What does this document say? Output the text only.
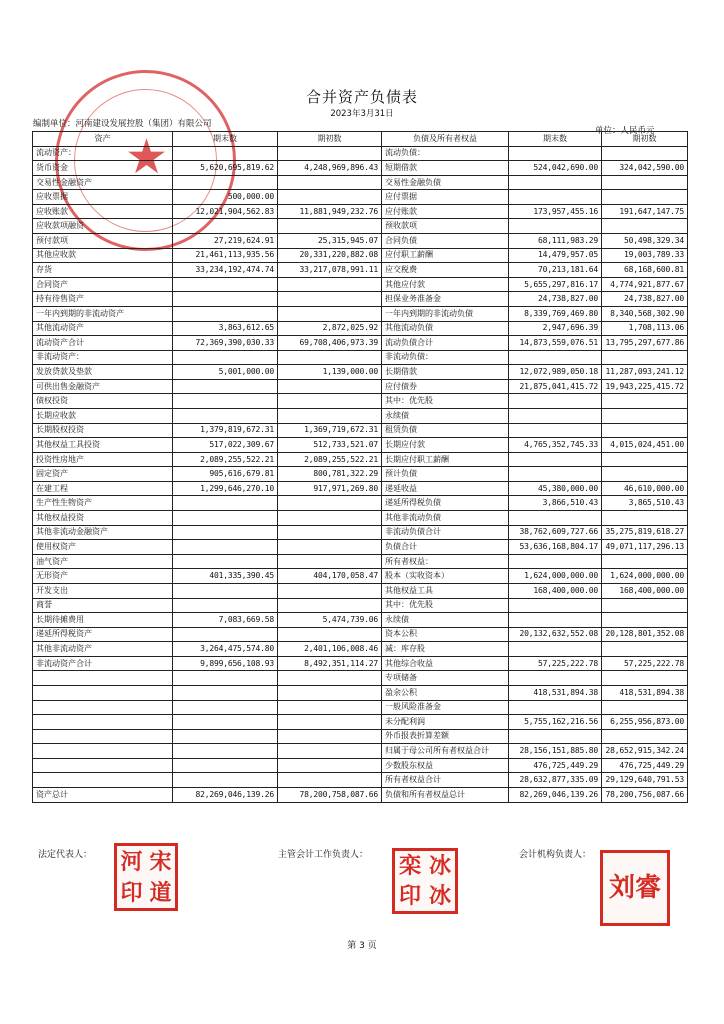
★
合并资产负债表
2023年3月31日
编制单位：河南建设发展控股（集团）有限公司
单位：人民币元
资产	期末数	期初数	负债及所有者权益	期末数	期初数
流动资产：			流动负债：		
货币资金	5,620,695,819.62	4,248,969,896.43	短期借款	524,042,690.00	324,042,590.00
交易性金融资产			交易性金融负债		
应收票据	500,000.00		应付票据		
应收账款	12,021,904,562.83	11,881,949,232.76	应付账款	173,957,455.16	191,647,147.75
应收款项融资			预收款项		
预付款项	27,219,624.91	25,315,945.07	合同负债	68,111,983.29	50,498,329.34
其他应收款	21,461,113,935.56	20,331,220,882.08	应付职工薪酬	14,479,957.05	19,003,789.33
存货	33,234,192,474.74	33,217,078,991.11	应交税费	70,213,181.64	68,168,600.81
合同资产			其他应付款	5,655,297,816.17	4,774,921,877.67
持有待售资产			担保业务准备金	24,738,827.00	24,738,827.00
一年内到期的非流动资产			一年内到期的非流动负债	8,339,769,469.80	8,340,568,302.90
其他流动资产	3,863,612.65	2,872,025.92	其他流动负债	2,947,696.39	1,708,113.06
流动资产合计	72,369,390,030.33	69,708,406,973.39	流动负债合计	14,873,559,076.51	13,795,297,677.86
非流动资产：			非流动负债：		
发放贷款及垫款	5,001,000.00	1,139,000.00	长期借款	12,072,989,050.18	11,287,093,241.12
可供出售金融资产			应付债券	21,875,041,415.72	19,943,225,415.72
债权投资			其中：优先股		
长期应收款			永续债		
长期股权投资	1,379,819,672.31	1,369,719,672.31	租赁负债		
其他权益工具投资	517,022,309.67	512,733,521.07	长期应付款	4,765,352,745.33	4,015,024,451.00
投资性房地产	2,089,255,522.21	2,089,255,522.21	长期应付职工薪酬		
固定资产	905,616,679.81	800,781,322.29	预计负债		
在建工程	1,299,646,270.10	917,971,269.80	递延收益	45,380,000.00	46,610,000.00
生产性生物资产			递延所得税负债	3,866,510.43	3,865,510.43
其他权益投资			其他非流动负债		
其他非流动金融资产			非流动负债合计	38,762,609,727.66	35,275,819,618.27
使用权资产			负债合计	53,636,168,804.17	49,071,117,296.13
油气资产			所有者权益：		
无形资产	401,335,390.45	404,170,058.47	股本（实收资本）	1,624,000,000.00	1,624,000,000.00
开发支出			其他权益工具	168,400,000.00	168,400,000.00
商誉			其中：优先股		
长期待摊费用	7,083,669.58	5,474,739.06	永续债		
递延所得税资产			资本公积	20,132,632,552.08	20,128,801,352.08
其他非流动资产	3,264,475,574.80	2,401,106,008.46	减：库存股		
非流动资产合计	9,899,656,108.93	8,492,351,114.27	其他综合收益	57,225,222.78	57,225,222.78
			专项储备		
			盈余公积	418,531,894.38	418,531,894.38
			一般风险准备金		
			未分配利润	5,755,162,216.56	6,255,956,873.00
			外币报表折算差额		
			归属于母公司所有者权益合计	28,156,151,885.80	28,652,915,342.24
			少数股东权益	476,725,449.29	476,725,449.29
			所有者权益合计	28,632,877,335.09	29,129,640,791.53
资产总计	82,269,046,139.26	78,200,758,087.66	负债和所有者权益总计	82,269,046,139.26	78,200,756,087.66
法定代表人：	主管会计工作负责人：	会计机构负责人：
河 宋
印 道
栾 冰
印 冰	刘睿
第 3 页
